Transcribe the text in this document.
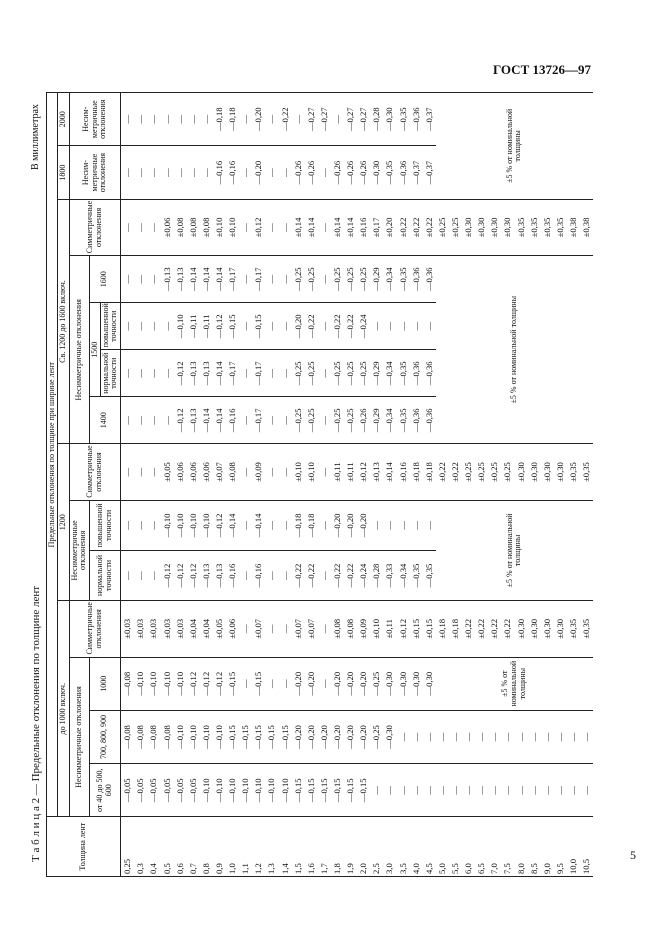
ГОСТ 13726—97
Т а б л и ц а 2 — Предельные отклонения по толщине лент
В миллиметрах
5
Толщина лент	Предельные отклонения по толщине при ширине лент													
	до 1000 включ.				1200			Св. 1200 до 1600 включ.					1800	2000
	Несимметричные отклонения			Симметричные отклонения	Несимметричные отклонения		Симметричные отклонения	Несимметричные отклонения				Симметричные отклонения	Несим-метричные отклонения	Несим-метричные отклонения
	от 40 до 500, 600	700, 800, 900	1000		нормальной точности	повышенной точности		1400	1500		1600			
									нормальной точности	повышенной точности				
0,25	—0,05	—0,08	—0,08	±0,03	—	—	—	—	—	—	—	—	—	—
0,3	—0,05	—0,08	—0,10	±0,03	—	—	—	—	—	—	—	—	—	—
0,4	—0,05	—0,08	—0,10	±0,03	—	—	—	—	—	—	—	—	—	—
0,5	—0,05	—0,08	—0,10	±0,03	—0,12	—0,10	±0,05	—	—	—	—0,13	±0,06	—	—
0,6	—0,05	—0,10	—0,10	±0,03	—0,12	—0,10	±0,06	—0,12	—0,12	—0,10	—0,13	±0,08	—	—
0,7	—0,05	—0,10	—0,12	±0,04	—0,12	—0,10	±0,06	—0,13	—0,13	—0,11	—0,14	±0,08	—	—
0,8	—0,10	—0,10	—0,12	±0,04	—0,13	—0,10	±0,06	—0,14	—0,13	—0,11	—0,14	±0,08	—	—
0,9	—0,10	—0,10	—0,12	±0,05	—0,13	—0,12	±0,07	—0,14	—0,14	—0,12	—0,14	±0,10	—0,16	—0,18
1,0	—0,10	—0,15	—0,15	±0,06	—0,16	—0,14	±0,08	—0,16	—0,17	—0,15	—0,17	±0,10	—0,16	—0,18
1,1	—0,10	—0,15	—	—	—	—	—	—	—	—	—	—	—	—
1,2	—0,10	—0,15	—0,15	±0,07	—0,16	—0,14	±0,09	—0,17	—0,17	—0,15	—0,17	±0,12	—0,20	—0,20
1,3	—0,10	—0,15	—	—	—	—	—	—	—	—	—	—	—	—
1,4	—0,10	—0,15	—	—	—	—	—	—	—	—	—	—	—	—0,22
1,5	—0,15	—0,20	—0,20	±0,07	—0,22	—0,18	±0,10	—0,25	—0,25	—0,20	—0,25	±0,14	—0,26	—
1,6	—0,15	—0,20	—0,20	±0,07	—0,22	—0,18	±0,10	—0,25	—0,25	—0,22	—0,25	±0,14	—0,26	—0,27
1,7	—0,15	—0,20	—	—	—	—	—	—	—	—	—	—	—	—0,27
1,8	—0,15	—0,20	—0,20	±0,08	—0,22	—0,20	±0,11	—0,25	—0,25	—0,22	—0,25	±0,14	—0,26	—
1,9	—0,15	—0,20	—0,20	±0,08	—0,22	—0,20	±0,11	—0,25	—0,25	—0,22	—0,25	±0,14	—0,26	—0,27
2,0	—0,15	—0,20	—0,20	±0,09	—0,24	—0,20	±0,12	—0,26	—0,25	—0,24	—0,25	±0,16	—0,26	—0,27
2,5	—	—0,25	—0,25	±0,10	—0,28	—	±0,13	—0,29	—0,29	—	—0,29	±0,17	—0,30	—0,28
3,0	—	—0,30	—0,30	±0,11	—0,33	—	±0,14	—0,34	—0,34	—	—0,34	±0,20	—0,35	—0,30
3,5	—	—	—0,30	±0,12	—0,34	—	±0,16	—0,35	—0,35	—	—0,35	±0,22	—0,36	—0,35
4,0	—	—	—0,30	±0,15	—0,35	—	±0,18	—0,36	—0,36	—	—0,36	±0,22	—0,37	—0,36
4,5	—	—	—0,30	±0,15	—0,35	—	±0,18	—0,36	—0,36	—	—0,36	±0,22	—0,37	—0,37
5,0	—	—	±5 % от номинальной толщины	±0,18	±5 % от номинальной толщины		±0,22	±5 % от номинальной толщины				±0,25	±5 % от номинальной толщины	
5,5	—	—		±0,18			±0,22					±0,25		
6,0	—	—		±0,22			±0,25					±0,30		
6,5	—	—		±0,22			±0,25					±0,30		
7,0	—	—		±0,22			±0,25					±0,30		
7,5	—	—		±0,22			±0,25					±0,30		
8,0	—	—		±0,30			±0,30					±0,35		
8,5	—	—		±0,30			±0,30					±0,35		
9,0	—	—		±0,30			±0,30					±0,35		
9,5	—	—		±0,30			±0,30					±0,35		
10,0	—	—		±0,35			±0,35					±0,38		
10,5	—	—		±0,35			±0,35					±0,38		
